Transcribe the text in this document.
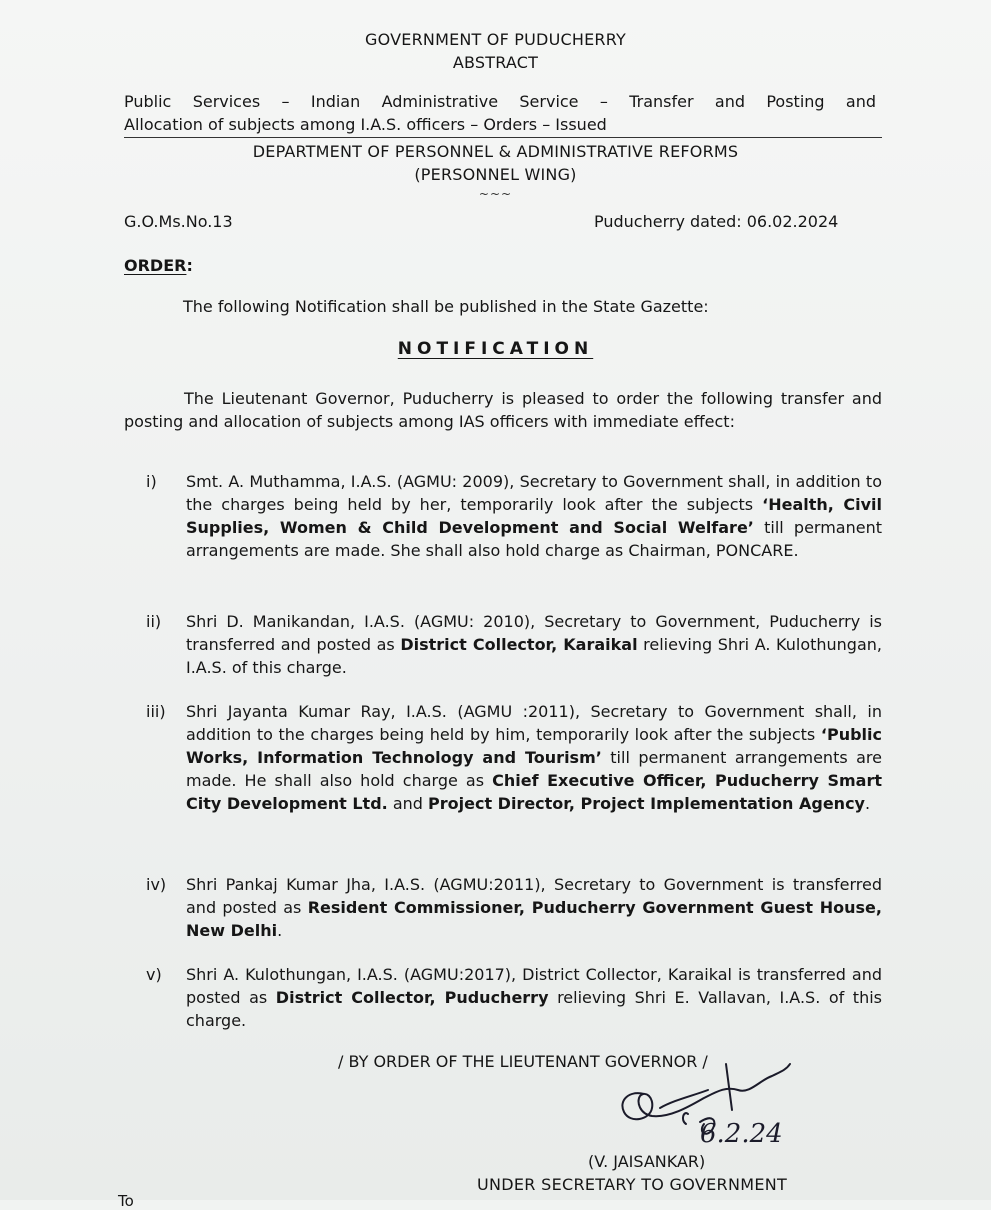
GOVERNMENT OF PUDUCHERRY
ABSTRACT
Public Services – Indian Administrative Service – Transfer and Posting and
Allocation of subjects among I.A.S. officers – Orders – Issued
DEPARTMENT OF PERSONNEL & ADMINISTRATIVE REFORMS
(PERSONNEL WING)
~~~
G.O.Ms.No.13	Puducherry dated: 06.02.2024
ORDER:
The following Notification shall be published in the State Gazette:
NOTIFICATION
The Lieutenant Governor, Puducherry is pleased to order the following transfer and posting and allocation of subjects among IAS officers with immediate effect:
i) Smt. A. Muthamma, I.A.S. (AGMU: 2009), Secretary to Government shall, in addition to the charges being held by her, temporarily look after the subjects ‘Health, Civil Supplies, Women & Child Development and Social Welfare’ till permanent arrangements are made. She shall also hold charge as Chairman, PONCARE.
ii) Shri D. Manikandan, I.A.S. (AGMU: 2010), Secretary to Government, Puducherry is transferred and posted as District Collector, Karaikal relieving Shri A. Kulothungan, I.A.S. of this charge.
iii) Shri Jayanta Kumar Ray, I.A.S. (AGMU :2011), Secretary to Government shall, in addition to the charges being held by him, temporarily look after the subjects ‘Public Works, Information Technology and Tourism’ till permanent arrangements are made. He shall also hold charge as Chief Executive Officer, Puducherry Smart City Development Ltd. and Project Director, Project Implementation Agency.
iv) Shri Pankaj Kumar Jha, I.A.S. (AGMU:2011), Secretary to Government is transferred and posted as Resident Commissioner, Puducherry Government Guest House, New Delhi.
v) Shri A. Kulothungan, I.A.S. (AGMU:2017), District Collector, Karaikal is transferred and posted as District Collector, Puducherry relieving Shri E. Vallavan, I.A.S. of this charge.
/ BY ORDER OF THE LIEUTENANT GOVERNOR /
6.2.24
(V. JAISANKAR)
UNDER SECRETARY TO GOVERNMENT
To
